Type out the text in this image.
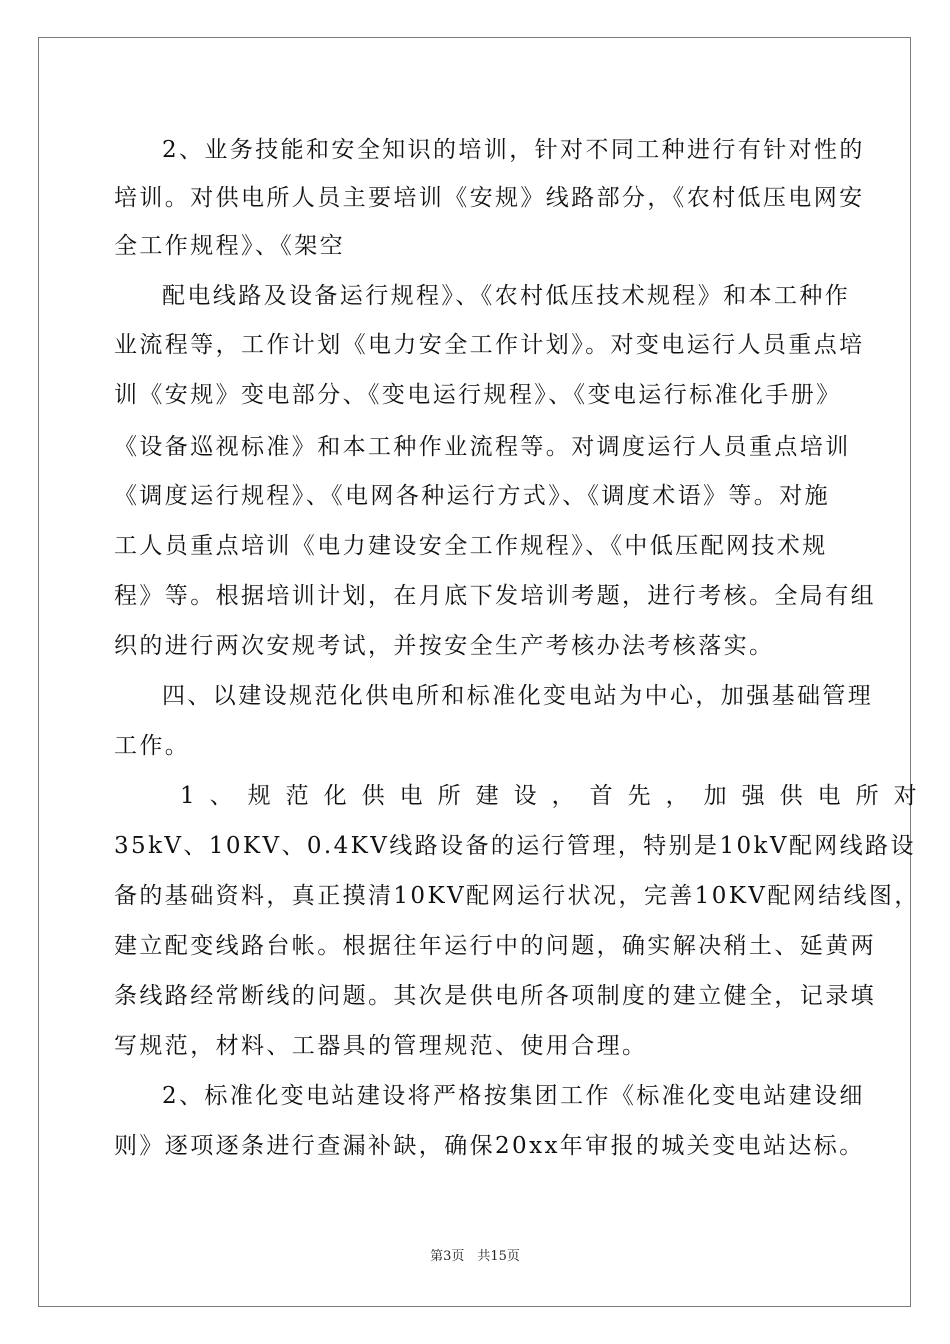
2、业务技能和安全知识的培训，针对不同工种进行有针对性的
培训。对供电所人员主要培训《安规》线路部分，《农村低压电网安
全工作规程》、《架空
配电线路及设备运行规程》、《农村低压技术规程》和本工种作
业流程等，工作计划《电力安全工作计划》。对变电运行人员重点培
训《安规》变电部分、《变电运行规程》、《变电运行标准化手册》
《设备巡视标准》和本工种作业流程等。对调度运行人员重点培训
《调度运行规程》、《电网各种运行方式》、《调度术语》等。对施
工人员重点培训《电力建设安全工作规程》、《中低压配网技术规
程》等。根据培训计划，在月底下发培训考题，进行考核。全局有组
织的进行两次安规考试，并按安全生产考核办法考核落实。
四、以建设规范化供电所和标准化变电站为中心，加强基础管理
工作。
1、规范化供电所建设，首先，加强供电所对
35kV、10KV、0.4KV线路设备的运行管理，特别是10kV配网线路设
备的基础资料，真正摸清10KV配网运行状况，完善10KV配网结线图，
建立配变线路台帐。根据往年运行中的问题，确实解决稍土、延黄两
条线路经常断线的问题。其次是供电所各项制度的建立健全，记录填
写规范，材料、工器具的管理规范、使用合理。
2、标准化变电站建设将严格按集团工作《标准化变电站建设细
则》逐项逐条进行查漏补缺，确保20xx年审报的城关变电站达标。
第3页　共15页
